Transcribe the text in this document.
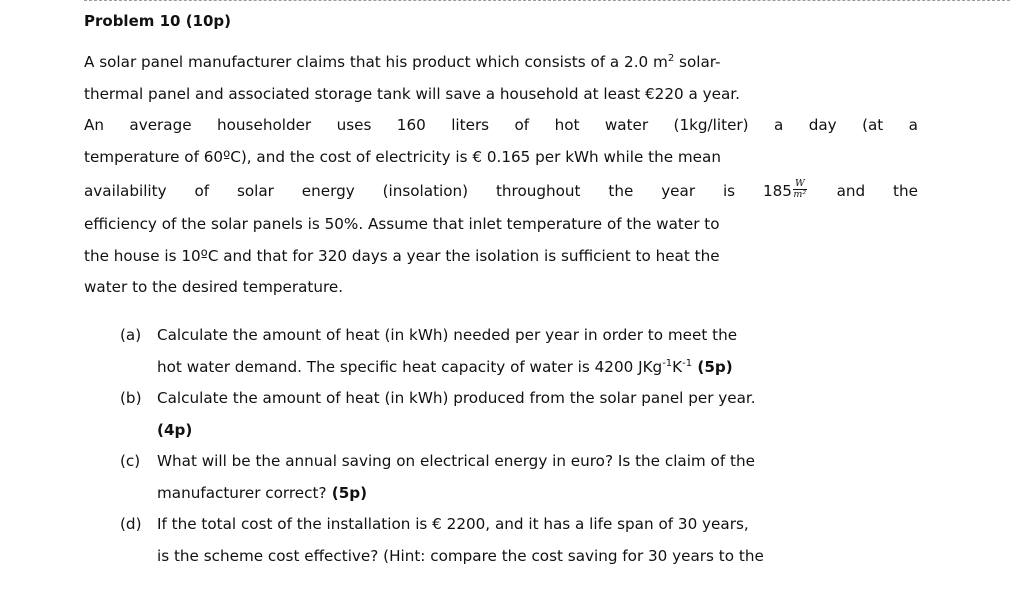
Problem 10 (10p)
A solar panel manufacturer claims that his product which consists of a 2.0 $m^2$ solar-
thermal panel and associated storage tank will save a household at least €220 a year.
An average householder uses 160 liters of hot water (1kg/liter) a day (at a
temperature of 60ºC), and the cost of electricity is € 0.165 per kWh while the mean
availability of solar energy (insolation) throughout the year is $185 \frac{W}{\text{m²}}$ and the
efficiency of the solar panels is 50%. Assume that inlet temperature of the water to
the house is 10ºC and that for 320 days a year the isolation is sufficient to heat the
water to the desired temperature.
(a)	Calculate the amount of heat (in kWh) needed per year in order to meet the
hot water demand. The specific heat capacity of water is 4200 $JKg^{-1}K^{-1}$ (5p)
(b)	Calculate the amount of heat (in kWh) produced from the solar panel per year.
(4p)
(c)	What will be the annual saving on electrical energy in euro? Is the claim of the
manufacturer correct? (5p)
(d)	If the total cost of the installation is € 2200, and it has a life span of 30 years,
is the scheme cost effective? (Hint: compare the cost saving for 30 years to the
